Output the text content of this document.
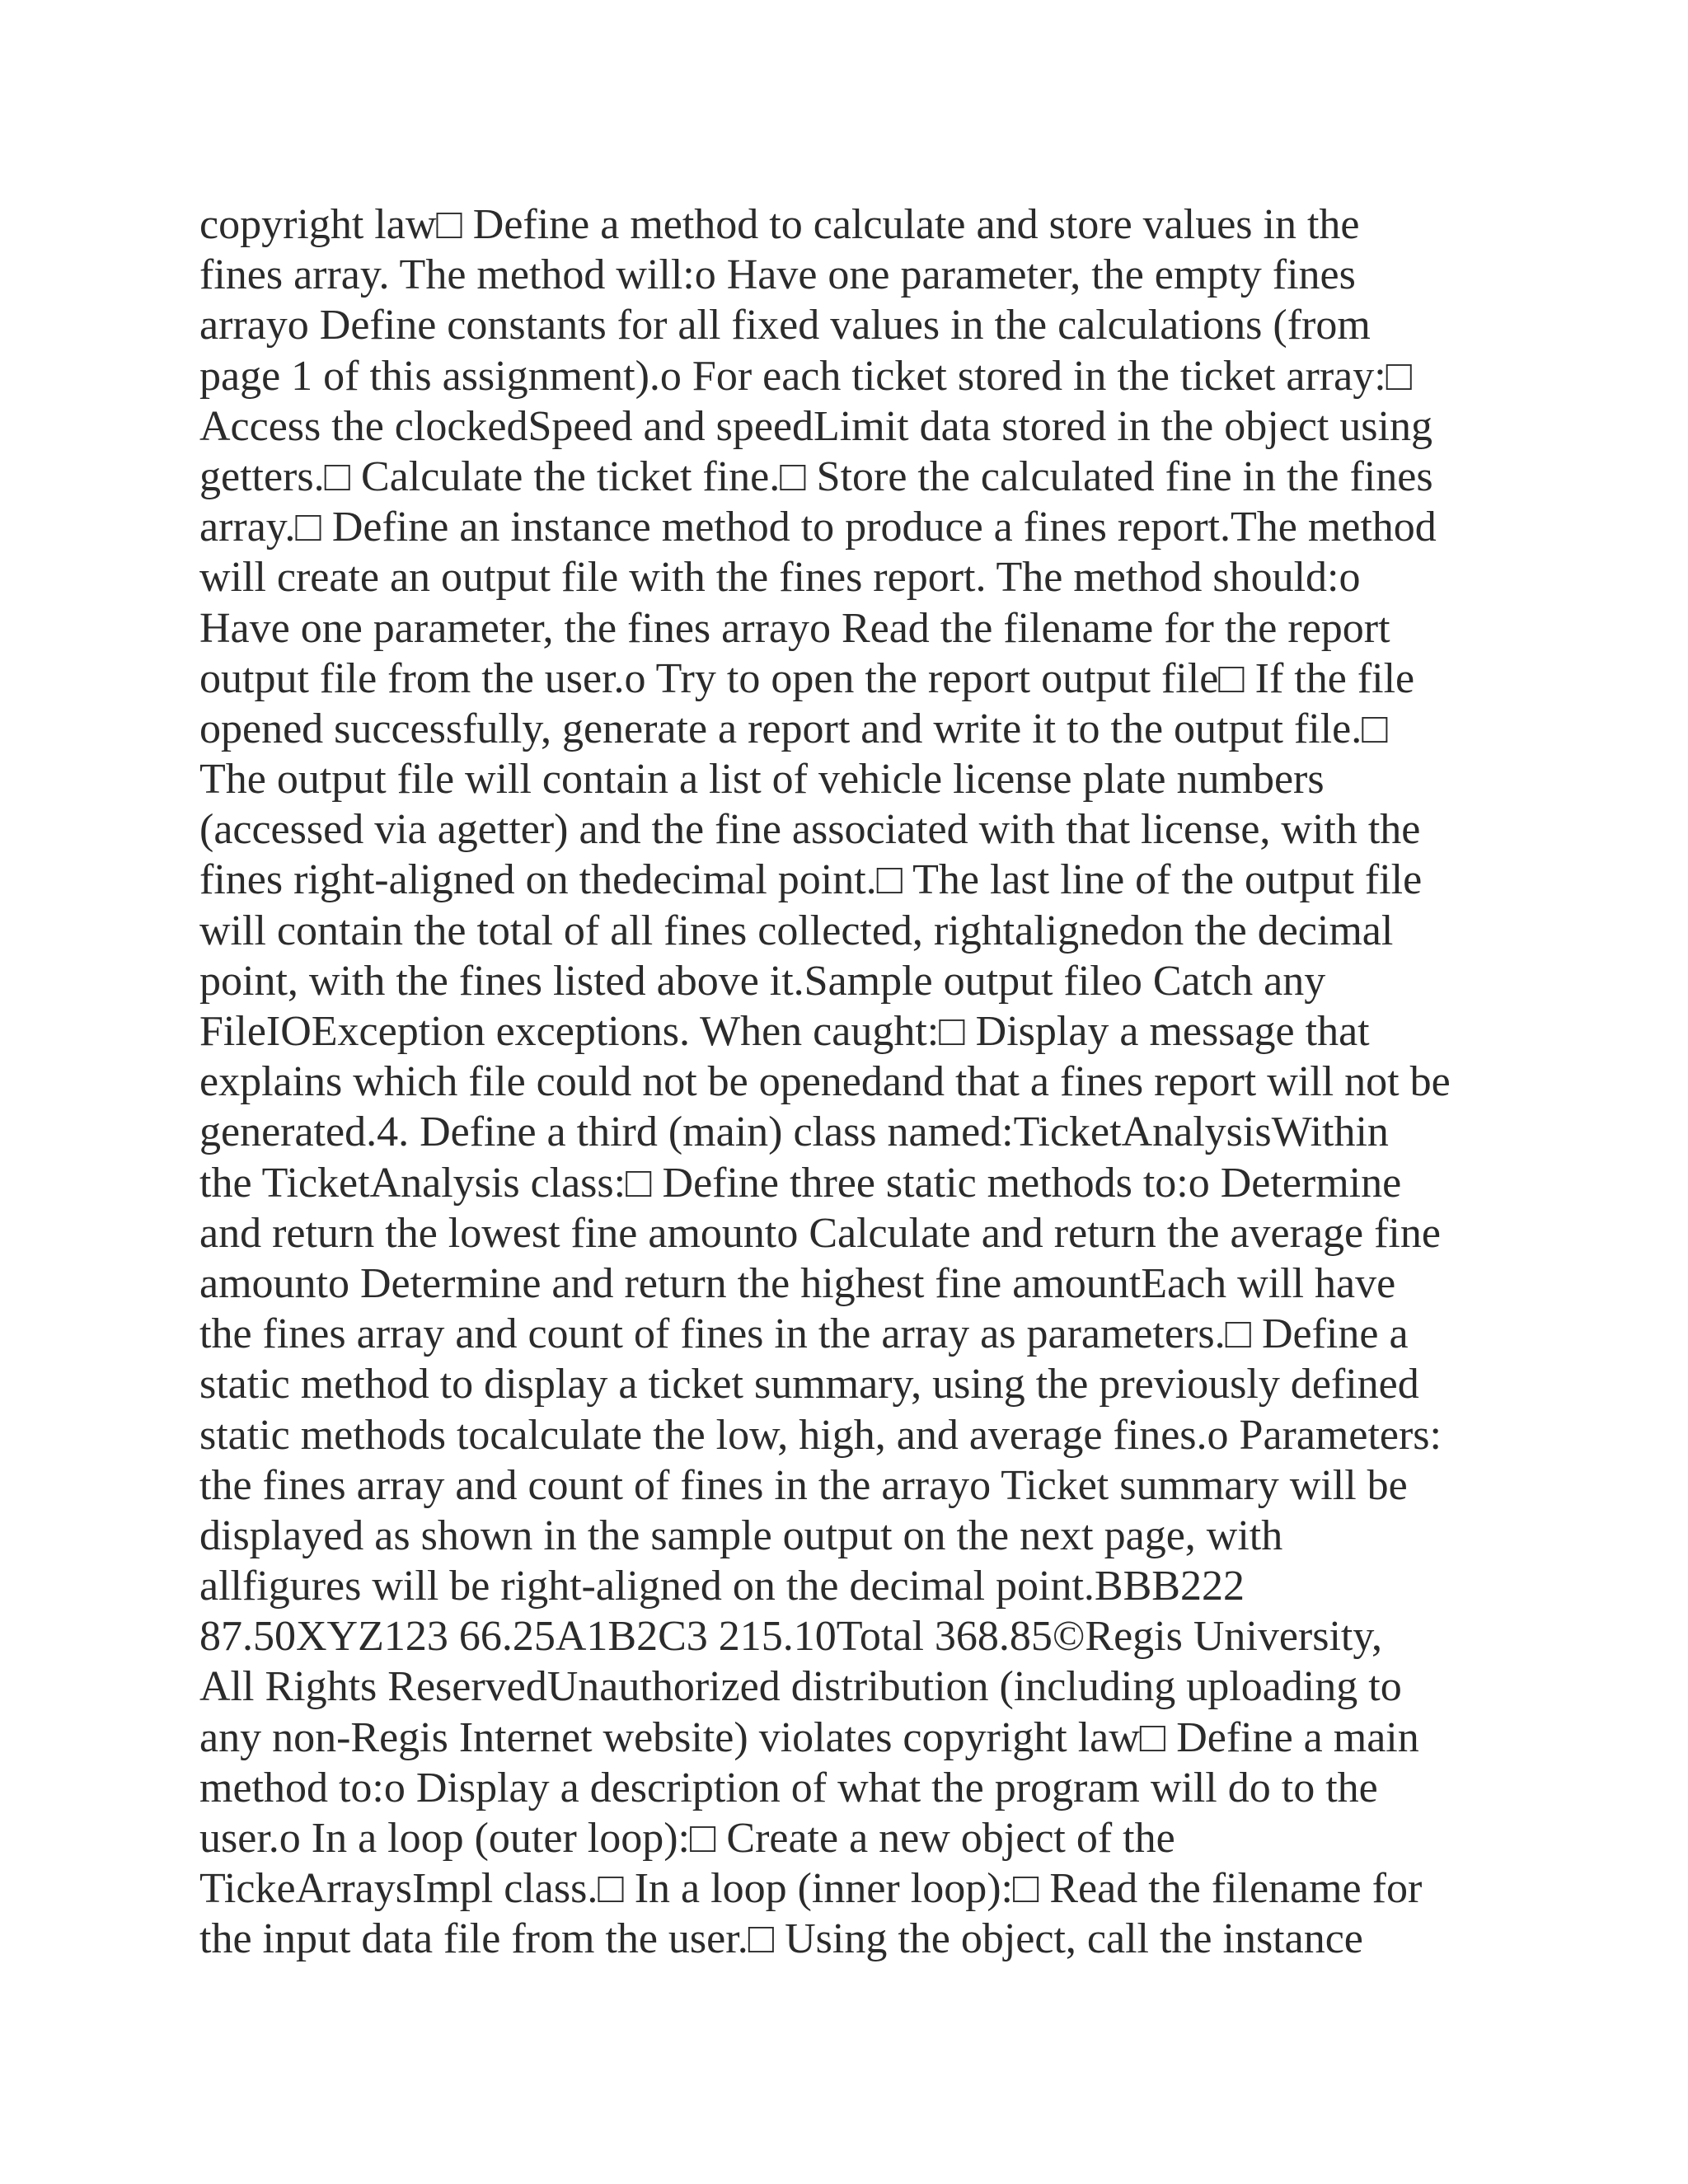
copyright law□ Define a method to calculate and store values in the
fines array. The method will:o Have one parameter, the empty fines
arrayo Define constants for all fixed values in the calculations (from
page 1 of this assignment).o For each ticket stored in the ticket array:□
Access the clockedSpeed and speedLimit data stored in the object using
getters.□ Calculate the ticket fine.□ Store the calculated fine in the fines
array.□ Define an instance method to produce a fines report.The method
will create an output file with the fines report. The method should:o
Have one parameter, the fines arrayo Read the filename for the report
output file from the user.o Try to open the report output file□ If the file
opened successfully, generate a report and write it to the output file.□
The output file will contain a list of vehicle license plate numbers
(accessed via agetter) and the fine associated with that license, with the
fines right-aligned on thedecimal point.□ The last line of the output file
will contain the total of all fines collected, rightalignedon the decimal
point, with the fines listed above it.Sample output fileo Catch any
FileIOException exceptions. When caught:□ Display a message that
explains which file could not be openedand that a fines report will not be
generated.4. Define a third (main) class named:TicketAnalysisWithin
the TicketAnalysis class:□ Define three static methods to:o Determine
and return the lowest fine amounto Calculate and return the average fine
amounto Determine and return the highest fine amountEach will have
the fines array and count of fines in the array as parameters.□ Define a
static method to display a ticket summary, using the previously defined
static methods tocalculate the low, high, and average fines.o Parameters:
the fines array and count of fines in the arrayo Ticket summary will be
displayed as shown in the sample output on the next page, with
allfigures will be right-aligned on the decimal point.BBB222
87.50XYZ123 66.25A1B2C3 215.10Total 368.85©Regis University,
All Rights ReservedUnauthorized distribution (including uploading to
any non-Regis Internet website) violates copyright law□ Define a main
method to:o Display a description of what the program will do to the
user.o In a loop (outer loop):□ Create a new object of the
TickeArraysImpl class.□ In a loop (inner loop):□ Read the filename for
the input data file from the user.□ Using the object, call the instance
